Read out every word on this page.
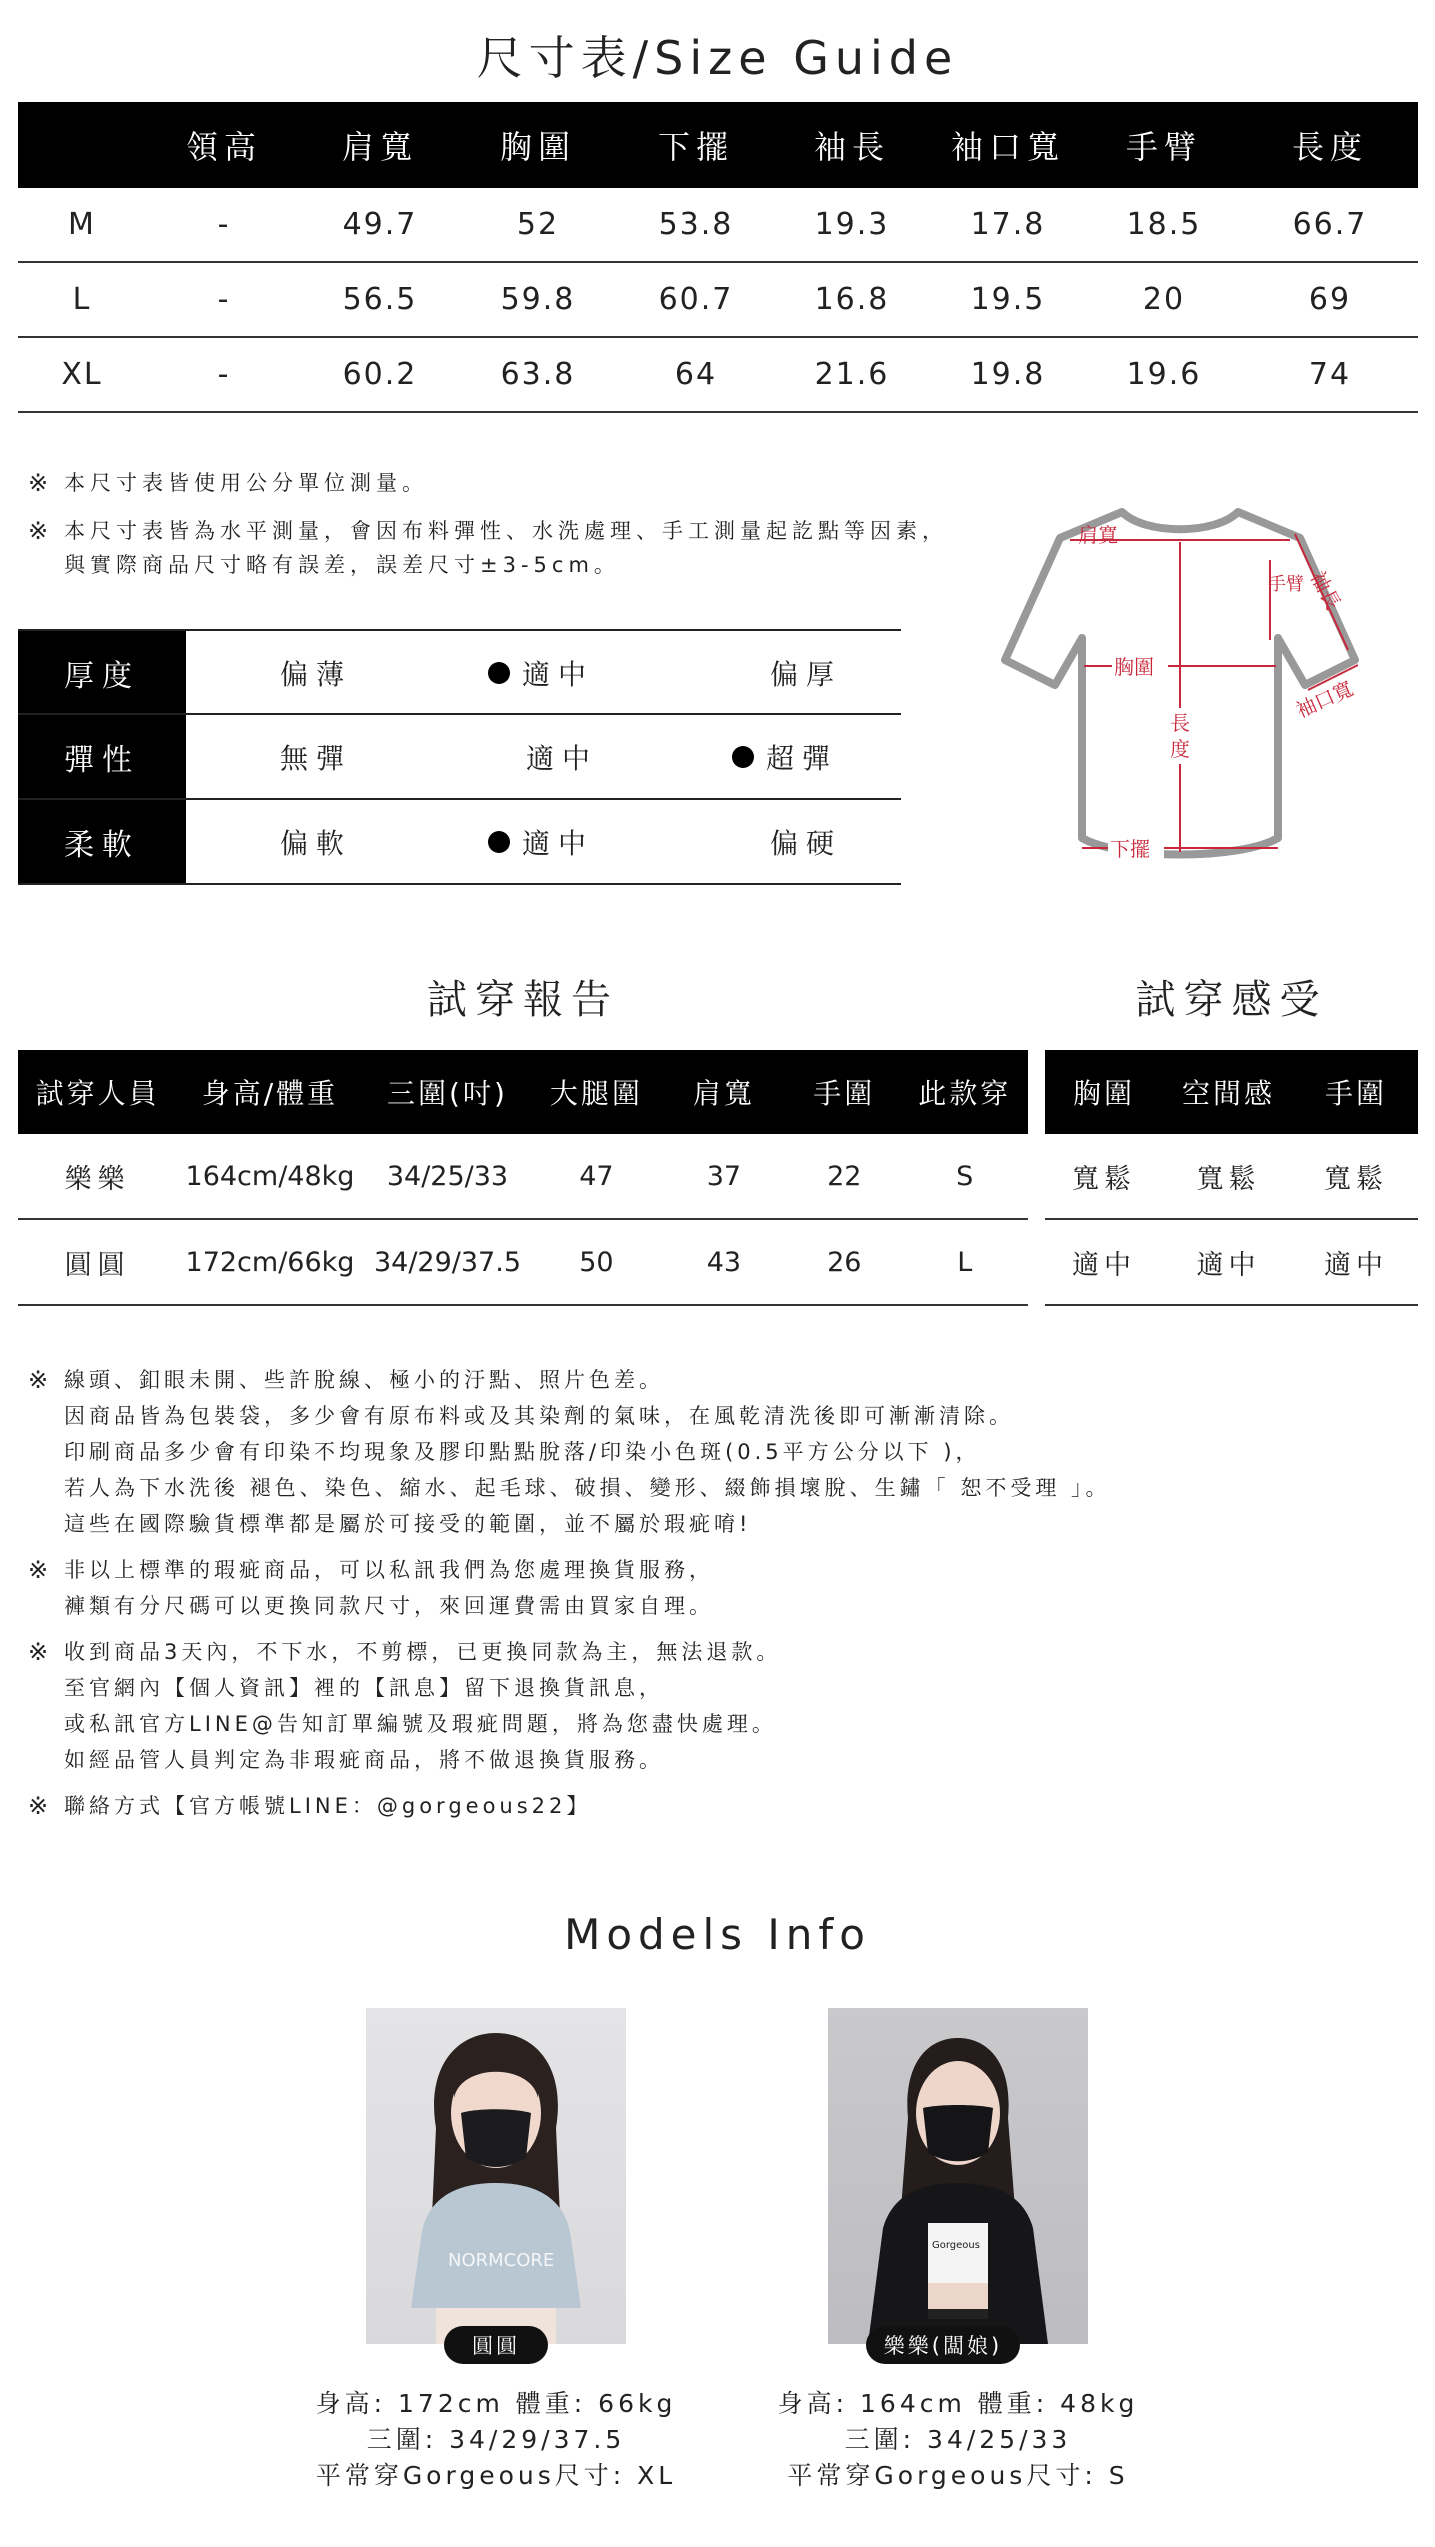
尺寸表/Size Guide
	領高	肩寬	胸圍	下擺	袖長	袖口寬	手臂	長度
M	-	49.7	52	53.8	19.3	17.8	18.5	66.7
L	-	56.5	59.8	60.7	16.8	19.5	20	69
XL	-	60.2	63.8	64	21.6	19.8	19.6	74
※ 本尺寸表皆使用公分單位測量。
※ 本尺寸表皆為水平測量，會因布料彈性、水洗處理、手工測量起訖點等因素，
與實際商品尺寸略有誤差，誤差尺寸±3-5cm。
厚度	偏薄	適中	偏厚
彈性	無彈	適中	超彈
柔軟	偏軟	適中	偏硬
肩寬
胸圍
長度
下擺
手臂 袖長
袖口寬
試穿報告	試穿感受
試穿人員	身高/體重	三圍(吋)	大腿圍	肩寬	手圍	此款穿
樂樂	164cm/48kg	34/25/33	47	37	22	S
圓圓	172cm/66kg	34/29/37.5	50	43	26	L
胸圍	空間感	手圍
寬鬆	寬鬆	寬鬆
適中	適中	適中
※ 線頭、釦眼未開、些許脫線、極小的汙點、照片色差。
因商品皆為包裝袋，多少會有原布料或及其染劑的氣味，在風乾清洗後即可漸漸清除。
印刷商品多少會有印染不均現象及膠印點點脫落/印染小色斑(0.5平方公分以下 )，
若人為下水洗後 褪色、染色、縮水、起毛球、破損、變形、綴飾損壞脫、生鏽「 恕不受理 」。
這些在國際驗貨標準都是屬於可接受的範圍，並不屬於瑕疵唷!
※ 非以上標準的瑕疵商品，可以私訊我們為您處理換貨服務，
褲類有分尺碼可以更換同款尺寸，來回運費需由買家自理。
※ 收到商品3天內，不下水，不剪標，已更換同款為主，無法退款。
至官網內【個人資訊】裡的【訊息】留下退換貨訊息，
或私訊官方LINE@告知訂單編號及瑕疵問題，將為您盡快處理。
如經品管人員判定為非瑕疵商品，將不做退換貨服務。
※ 聯絡方式【官方帳號LINE：@gorgeous22】
Models Info
NORMCORE
圓圓
Gorgeous
樂樂(闆娘)
身高: 172cm 體重: 66kg
三圍: 34/29/37.5
平常穿Gorgeous尺寸: XL
身高: 164cm 體重: 48kg
三圍: 34/25/33
平常穿Gorgeous尺寸: S
